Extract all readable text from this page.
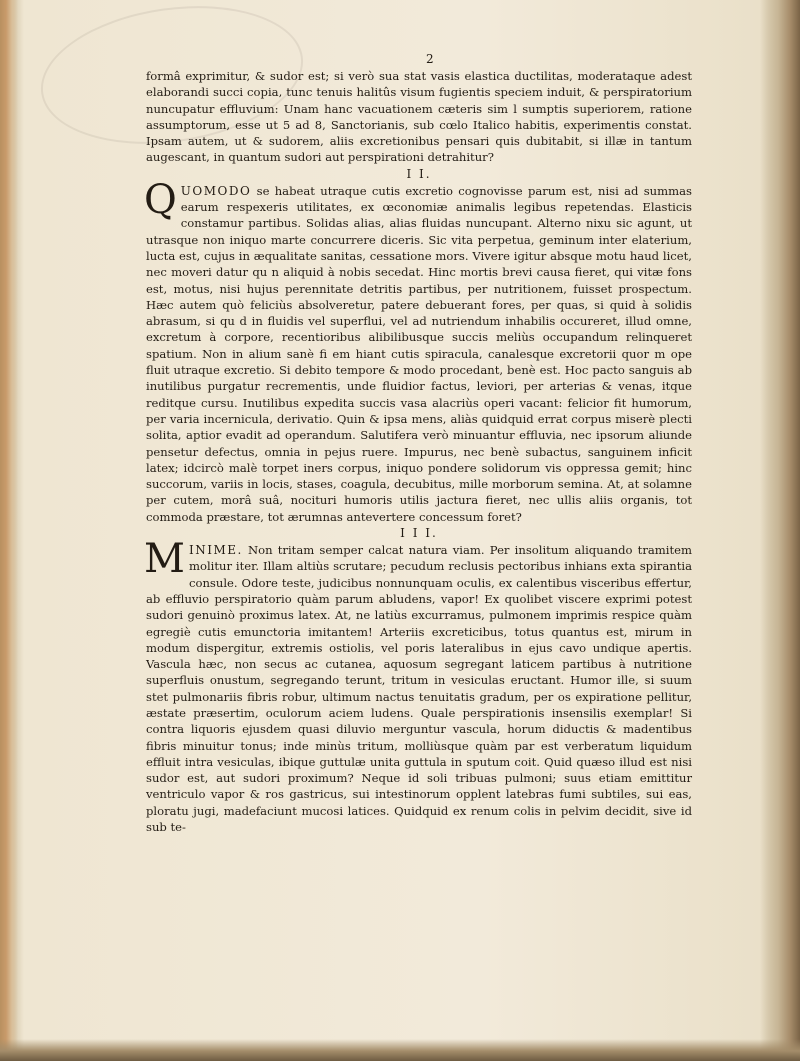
2

formâ exprimitur, & sudor est; si verò sua stat vasis elastica ductilitas, moderataque adest elaborandi succi copia, tunc tenuis halitûs visum fugientis speciem induit, & perspiratorium nuncupatur effluvium: Unam hanc vacuationem cæteris sim l sumptis superiorem, ratione assumptorum, esse ut 5 ad 8, Sanctorianis, sub cœlo Italico habitis, experimentis constat. Ipsam autem, ut & sudorem, aliis excretionibus pensari quis dubitabit, si illæ in tantum augescant, in quantum sudori aut perspirationi detrahitur?

I I.

QUOMODO se habeat utraque cutis excretio cognovisse parum est, nisi ad summas earum respexeris utilitates, ex œconomiæ animalis legibus repetendas. Elasticis constamur partibus. Solidas alias, alias fluidas nuncupant. Alterno nixu sic agunt, ut utrasque non iniquo marte concurrere diceris. Sic vita perpetua, geminum inter elaterium, lucta est, cujus in æqualitate sanitas, cessatione mors. Vivere igitur absque motu haud licet, nec moveri datur qu n aliquid à nobis secedat. Hinc mortis brevi causa fieret, qui vitæ fons est, motus, nisi hujus perennitate detritis partibus, per nutritionem, fuisset prospectum. Hæc autem quò feliciùs absolveretur, patere debuerant fores, per quas, si quid à solidis abrasum, si qu d in fluidis vel superflui, vel ad nutriendum inhabilis occureret, illud omne, excretum à corpore, recentioribus alibilibusque succis meliùs occupandum relinqueret spatium. Non in alium sanè fi em hiant cutis spiracula, canalesque excretorii quor m ope fluit utraque excretio. Si debito tempore & modo procedant, benè est. Hoc pacto sanguis ab inutilibus purgatur recrementis, unde fluidior factus, leviori, per arterias & venas, itque reditque cursu. Inutilibus expedita succis vasa alacriùs operi vacant: felicior fit humorum, per varia incernicula, derivatio. Quin & ipsa mens, aliàs quidquid errat corpus miserè plecti solita, aptior evadit ad operandum. Salutifera verò minuantur effluvia, nec ipsorum aliunde pensetur defectus, omnia in pejus ruere. Impurus, nec benè subactus, sanguinem inficit latex; idcircò malè torpet iners corpus, iniquo pondere solidorum vis oppressa gemit; hinc succorum, variis in locis, stases, coagula, decubitus, mille morborum semina. At, at solamne per cutem, morâ suâ, nocituri humoris utilis jactura fieret, nec ullis aliis organis, tot commoda præstare, tot ærumnas antevertere concessum foret?

I I I.

MINIME. Non tritam semper calcat natura viam. Per insolitum aliquando tramitem molitur iter. Illam altiùs scrutare; pecudum reclusis pectoribus inhians exta spirantia consule. Odore teste, judicibus nonnunquam oculis, ex calentibus visceribus effertur, ab effluvio perspiratorio quàm parum abludens, vapor! Ex quolibet viscere exprimi potest sudori genuinò proximus latex. At, ne latiùs excurramus, pulmonem imprimis respice quàm egregiè cutis emunctoria imitantem! Arteriis excreticibus, totus quantus est, mirum in modum dispergitur, extremis ostiolis, vel poris lateralibus in ejus cavo undique apertis. Vascula hæc, non secus ac cutanea, aquosum segregant laticem partibus à nutritione superfluis onustum, segregando terunt, tritum in vesiculas eructant. Humor ille, si suum stet pulmonariis fibris robur, ultimum nactus tenuitatis gradum, per os expiratione pellitur, æstate præsertim, oculorum aciem ludens. Quale perspirationis insensilis exemplar! Si contra liquoris ejusdem quasi diluvio merguntur vascula, horum diductis & madentibus fibris minuitur tonus; inde minùs tritum, molliùsque quàm par est verberatum liquidum effluit intra vesiculas, ibique guttulæ unita guttula in sputum coit. Quid quæso illud est nisi sudor est, aut sudori proximum? Neque id soli tribuas pulmoni; suus etiam emittitur ventriculo vapor & ros gastricus, sui intestinorum opplent latebras fumi subtiles, sui eas, ploratu jugi, madefaciunt mucosi latices. Quidquid ex renum colis in pelvim decidit, sive id sub te-
